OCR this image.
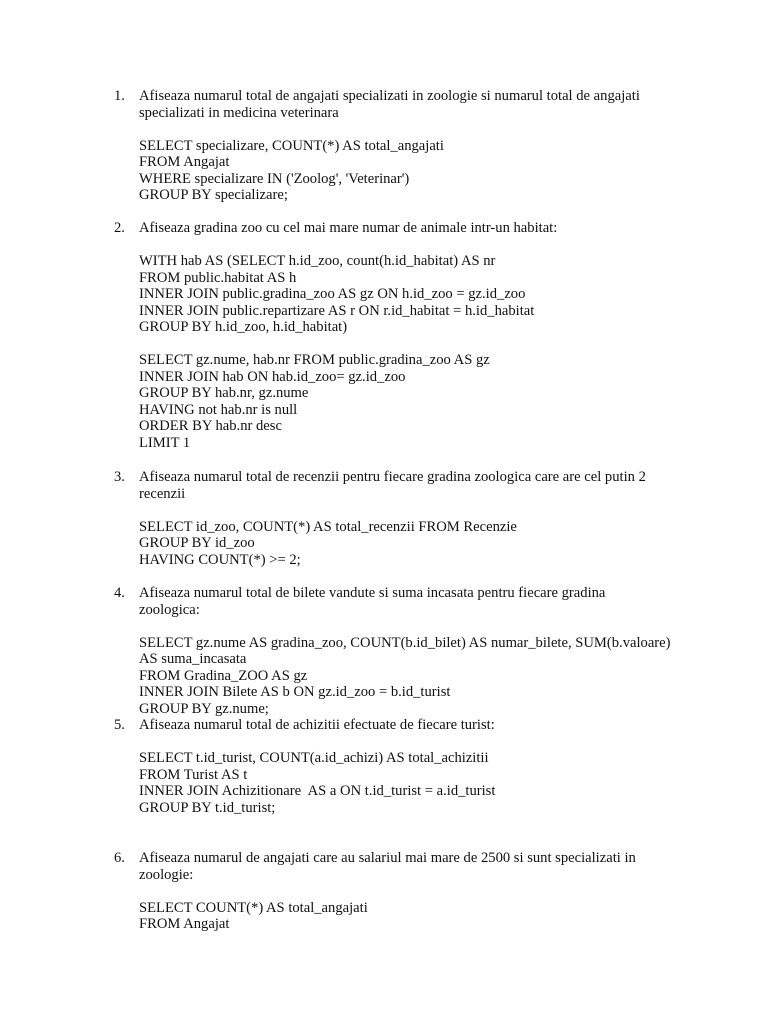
1. Afiseaza numarul total de angajati specializati in zoologie si numarul total de angajati specializati in medicina veterinara
SELECT specializare, COUNT(*) AS total_angajati
FROM Angajat
WHERE specializare IN ('Zoolog', 'Veterinar')
GROUP BY specializare;
2. Afiseaza gradina zoo cu cel mai mare numar de animale intr-un habitat:
WITH hab AS (SELECT h.id_zoo, count(h.id_habitat) AS nr
FROM public.habitat AS h
INNER JOIN public.gradina_zoo AS gz ON h.id_zoo = gz.id_zoo
INNER JOIN public.repartizare AS r ON r.id_habitat = h.id_habitat
GROUP BY h.id_zoo, h.id_habitat)
SELECT gz.nume, hab.nr FROM public.gradina_zoo AS gz
INNER JOIN hab ON hab.id_zoo= gz.id_zoo
GROUP BY hab.nr, gz.nume
HAVING not hab.nr is null
ORDER BY hab.nr desc
LIMIT 1
3. Afiseaza numarul total de recenzii pentru fiecare gradina zoologica care are cel putin 2 recenzii
SELECT id_zoo, COUNT(*) AS total_recenzii FROM Recenzie
GROUP BY id_zoo
HAVING COUNT(*) >= 2;
4. Afiseaza numarul total de bilete vandute si suma incasata pentru fiecare gradina zoologica:
SELECT gz.nume AS gradina_zoo, COUNT(b.id_bilet) AS numar_bilete, SUM(b.valoare)
AS suma_incasata
FROM Gradina_ZOO AS gz
INNER JOIN Bilete AS b ON gz.id_zoo = b.id_turist
GROUP BY gz.nume;
5. Afiseaza numarul total de achizitii efectuate de fiecare turist:
SELECT t.id_turist, COUNT(a.id_achizi) AS total_achizitii
FROM Turist AS t
INNER JOIN Achizitionare  AS a ON t.id_turist = a.id_turist
GROUP BY t.id_turist;
6. Afiseaza numarul de angajati care au salariul mai mare de 2500 si sunt specializati in zoologie:
SELECT COUNT(*) AS total_angajati
FROM Angajat
